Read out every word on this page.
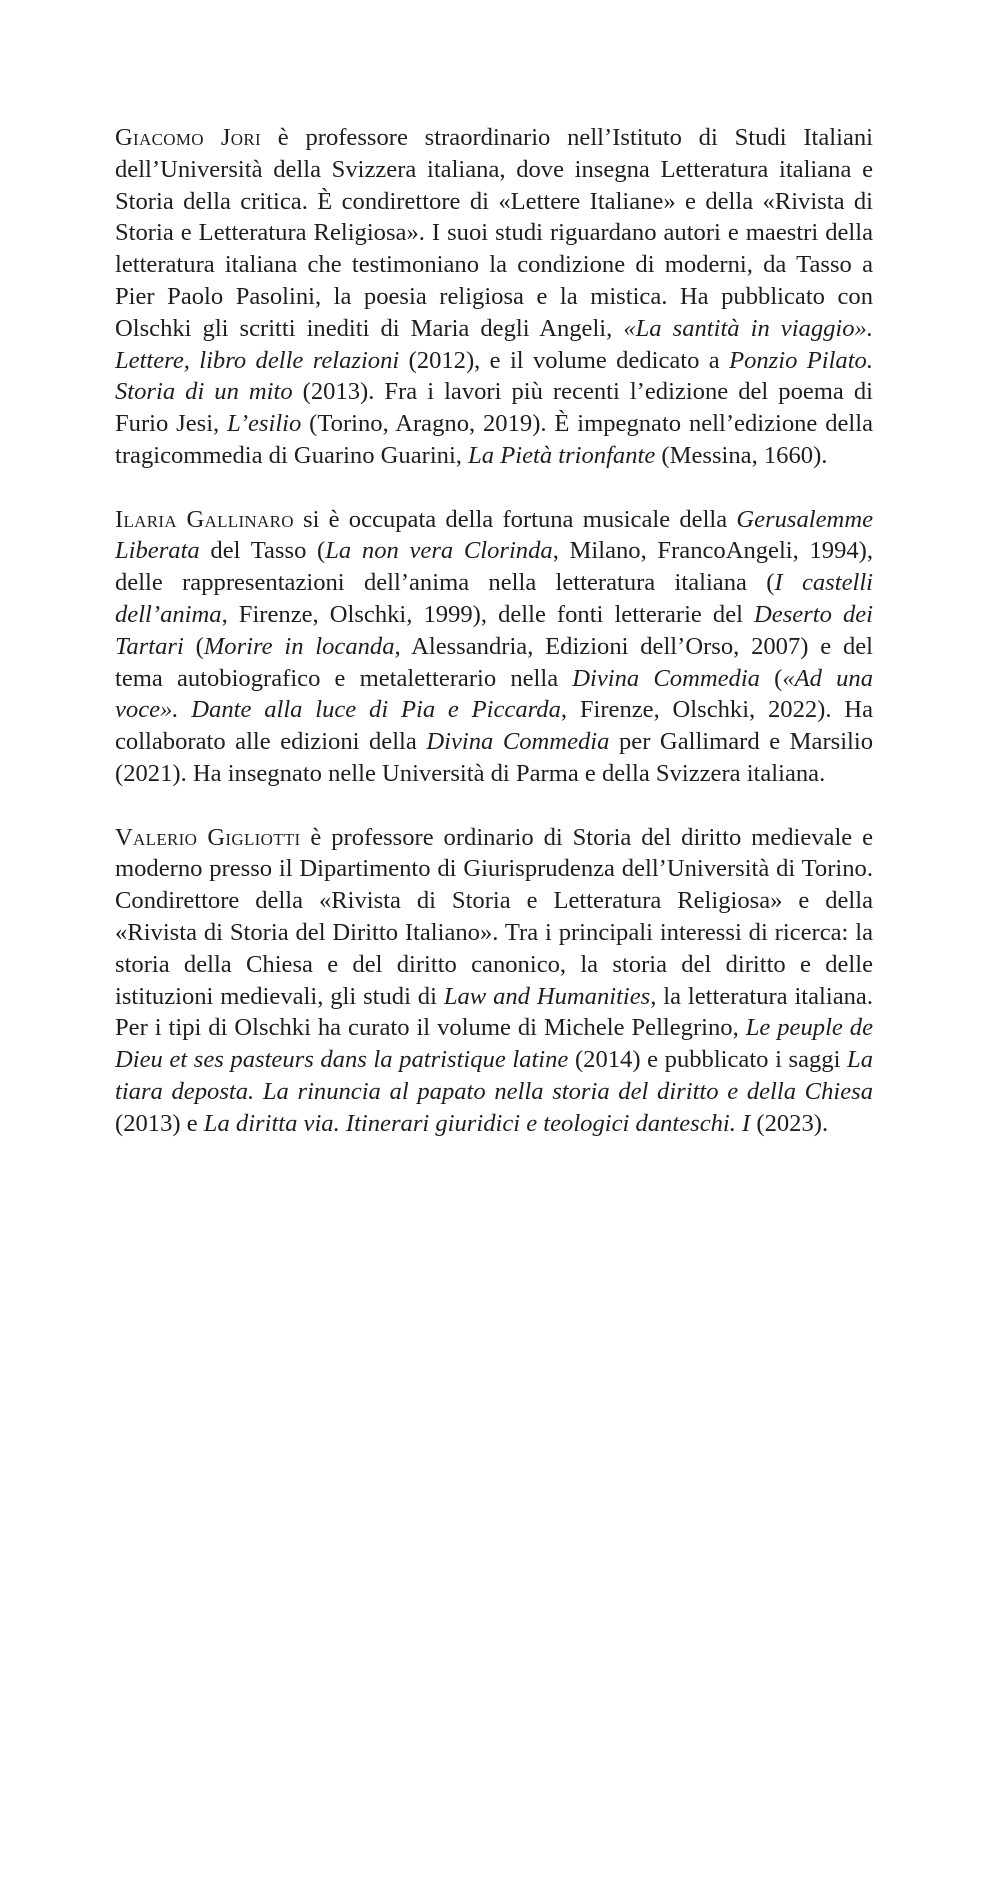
Giacomo Jori è professore straordinario nell’Istituto di Studi Italiani dell’Università della Svizzera italiana, dove insegna Letteratura italiana e Storia della critica. È condirettore di «Lettere Italiane» e della «Rivista di Storia e Letteratura Religiosa». I suoi studi riguardano autori e maestri della letteratura italiana che testimoniano la condizione di moderni, da Tasso a Pier Paolo Pasolini, la poesia religiosa e la mistica. Ha pubblicato con Olschki gli scritti inediti di Maria degli Angeli, «La santità in viaggio». Lettere, libro delle relazioni (2012), e il volume dedicato a Ponzio Pilato. Storia di un mito (2013). Fra i lavori più recenti l’edizione del poema di Furio Jesi, L’esilio (Torino, Aragno, 2019). È impegnato nell’edizione della tragicommedia di Guarino Guarini, La Pietà trionfante (Messina, 1660).

Ilaria Gallinaro si è occupata della fortuna musicale della Gerusalemme Liberata del Tasso (La non vera Clorinda, Milano, FrancoAngeli, 1994), delle rappresentazioni dell’anima nella letteratura italiana (I castelli dell’anima, Firenze, Olschki, 1999), delle fonti letterarie del Deserto dei Tartari (Morire in locanda, Alessandria, Edizioni dell’Orso, 2007) e del tema autobiografico e metaletterario nella Divina Commedia («Ad una voce». Dante alla luce di Pia e Piccarda, Firenze, Olschki, 2022). Ha collaborato alle edizioni della Divina Commedia per Gallimard e Marsilio (2021). Ha insegnato nelle Università di Parma e della Svizzera italiana.

Valerio Gigliotti è professore ordinario di Storia del diritto medievale e moderno presso il Dipartimento di Giurisprudenza dell’Università di Torino. Condirettore della «Rivista di Storia e Letteratura Religiosa» e della «Rivista di Storia del Diritto Italiano». Tra i principali interessi di ricerca: la storia della Chiesa e del diritto canonico, la storia del diritto e delle istituzioni medievali, gli studi di Law and Humanities, la letteratura italiana. Per i tipi di Olschki ha curato il volume di Michele Pellegrino, Le peuple de Dieu et ses pasteurs dans la patristique latine (2014) e pubblicato i saggi La tiara deposta. La rinuncia al papato nella storia del diritto e della Chiesa (2013) e La diritta via. Itinerari giuridici e teologici danteschi. I (2023).
